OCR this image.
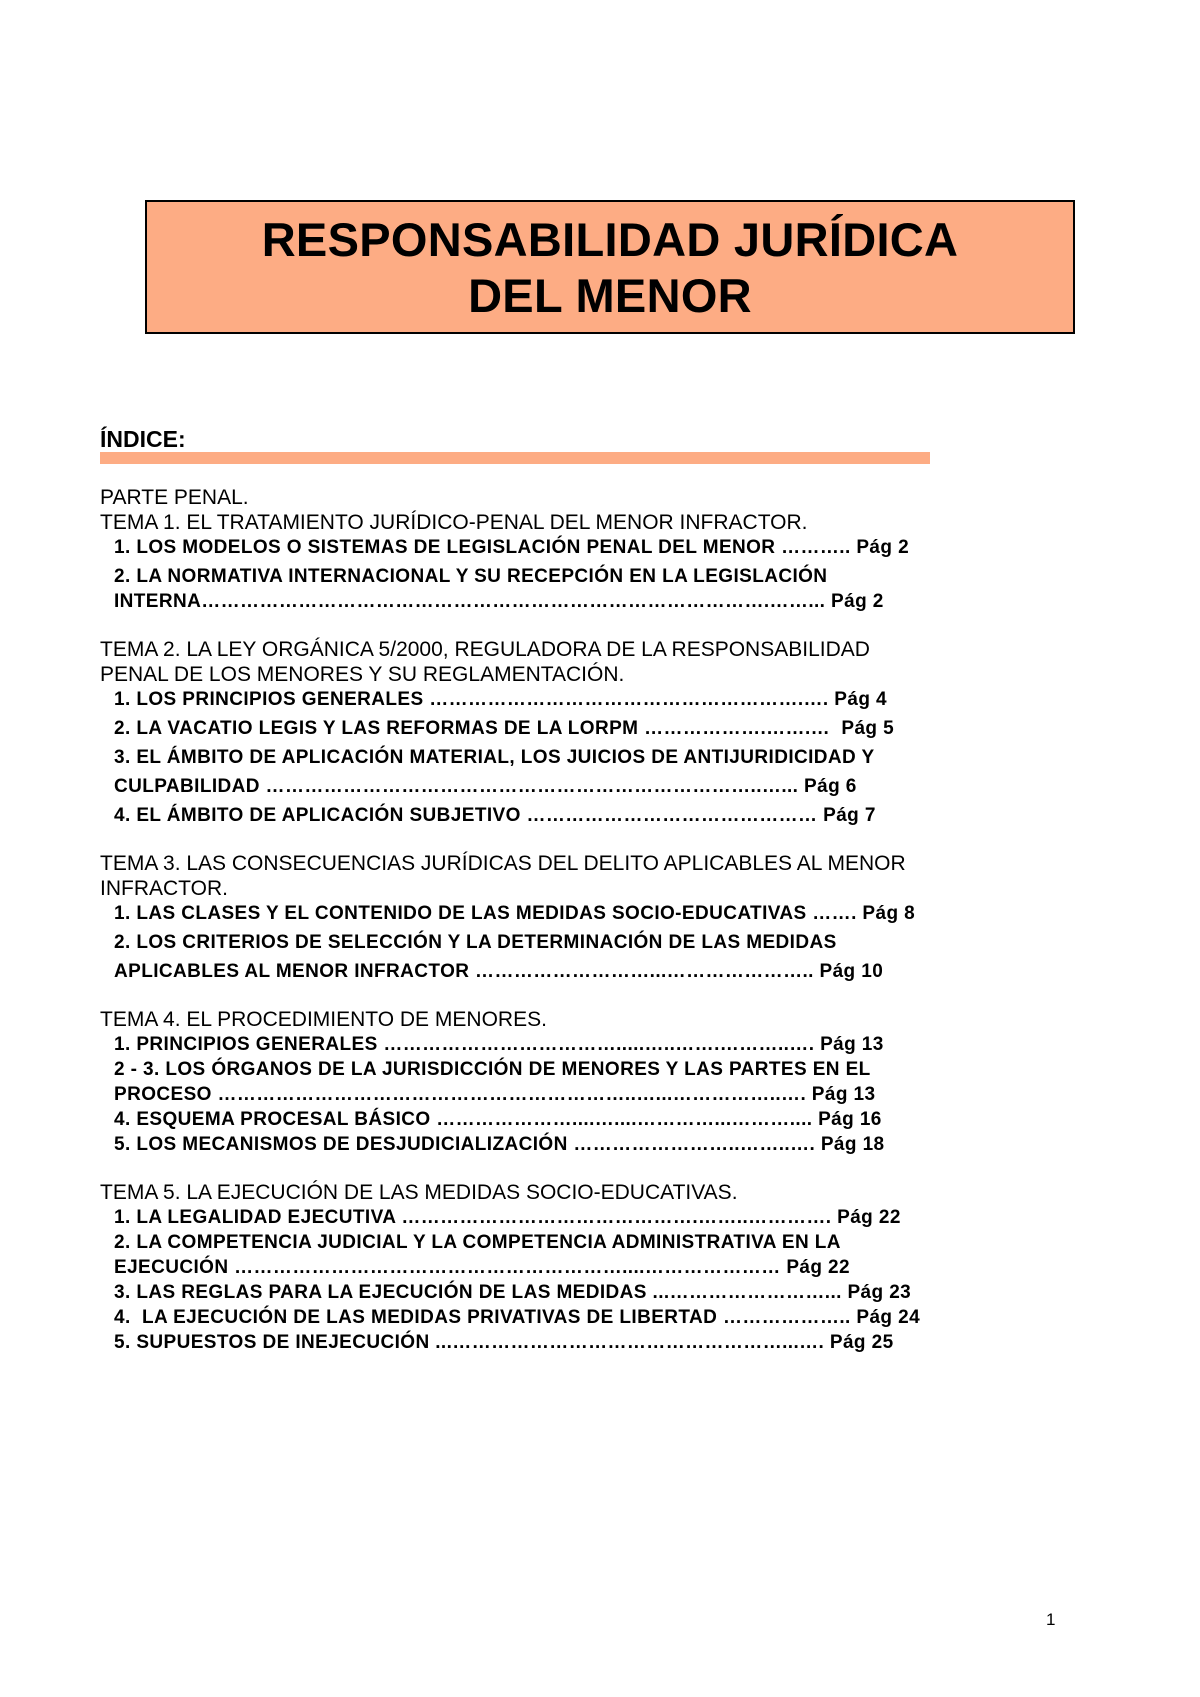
RESPONSABILIDAD JURÍDICA
DEL MENOR
ÍNDICE:
PARTE PENAL.
TEMA 1. EL TRATAMIENTO JURÍDICO-PENAL DEL MENOR INFRACTOR.
1. LOS MODELOS O SISTEMAS DE LEGISLACIÓN PENAL DEL MENOR ……….. Pág 2
2. LA NORMATIVA INTERNACIONAL Y SU RECEPCIÓN EN LA LEGISLACIÓN
INTERNA…………………………………………………………………………….……... Pág 2
TEMA 2. LA LEY ORGÁNICA 5/2000, REGULADORA DE LA RESPONSABILIDAD
PENAL DE LOS MENORES Y SU REGLAMENTACIÓN.
1. LOS PRINCIPIOS GENERALES ………………………………………………….…. Pág 4
2. LA VACATIO LEGIS Y LAS REFORMAS DE LA LORPM ……………….…….…  Pág 5
3. EL ÁMBITO DE APLICACIÓN MATERIAL, LOS JUICIOS DE ANTIJURIDICIDAD Y
CULPABILIDAD …………………………………………………………………..…... Pág 6
4. EL ÁMBITO DE APLICACIÓN SUBJETIVO ……………………………………… Pág 7
TEMA 3. LAS CONSECUENCIAS JURÍDICAS DEL DELITO APLICABLES AL MENOR
INFRACTOR.
1. LAS CLASES Y EL CONTENIDO DE LAS MEDIDAS SOCIO-EDUCATIVAS ……. Pág 8
2. LOS CRITERIOS DE SELECCIÓN Y LA DETERMINACIÓN DE LAS MEDIDAS
APLICABLES AL MENOR INFRACTOR ………………………...………………….. Pág 10
TEMA 4. EL PROCEDIMIENTO DE MENORES.
1. PRINCIPIOS GENERALES ……………………………….....…..…….………..…. Pág 13
2 - 3. LOS ÓRGANOS DE LA JURISDICCIÓN DE MENORES Y LAS PARTES EN EL
PROCESO ………………………………………………………..…...……………..…. Pág 13
4. ESQUEMA PROCESAL BÁSICO …………………....…....…………...……….... Pág 16
5. LOS MECANISMOS DE DESJUDICIALIZACIÓN ……………………..……..…. Pág 18
TEMA 5. LA EJECUCIÓN DE LAS MEDIDAS SOCIO-EDUCATIVAS.
1. LA LEGALIDAD EJECUTIVA ……………………………………….……..…………. Pág 22
2. LA COMPETENCIA JUDICIAL Y LA COMPETENCIA ADMINISTRATIVA EN LA
EJECUCIÓN ……………………………………………………....………………… Pág 22
3. LAS REGLAS PARA LA EJECUCIÓN DE LAS MEDIDAS ...……………………... Pág 23
4.  LA EJECUCIÓN DE LAS MEDIDAS PRIVATIVAS DE LIBERTAD ……………….. Pág 24
5. SUPUESTOS DE INEJECUCIÓN ...……………………………………………...…. Pág 25
1
